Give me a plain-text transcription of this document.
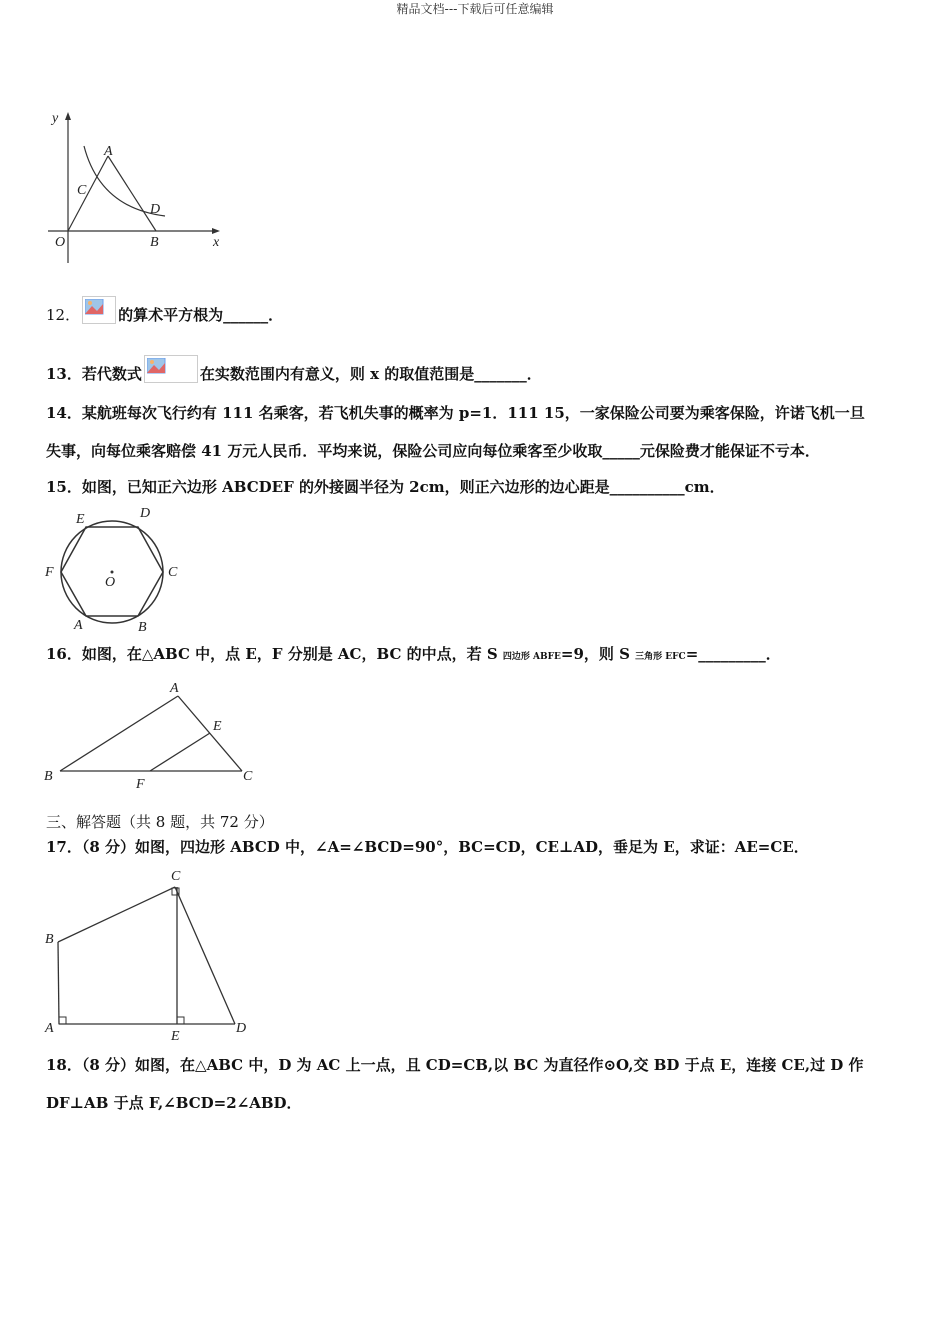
精品文档---下载后可任意编辑
y
x
O
A
B
C
D
12．	的算术平方根为______．
13．若代数式	在实数范围内有意义，则 x 的取值范围是_______．
14．某航班每次飞行约有 111 名乘客，若飞机失事的概率为 p=1．111 15，一家保险公司要为乘客保险，许诺飞机一旦
失事，向每位乘客赔偿 41 万元人民币．平均来说，保险公司应向每位乘客至少收取_____元保险费才能保证不亏本．
15．如图，已知正六边形 ABCDEF 的外接圆半径为 2cm，则正六边形的边心距是__________cm．
E	D
F	C
O
A	B
16．如图，在△ABC 中，点 E，F 分别是 AC，BC 的中点，若 S 四边形 ABFE=9，则 S 三角形 EFC=_________．
A
B	C
E
F
三、解答题（共 8 题，共 72 分）
17．（8 分）如图，四边形 ABCD 中，∠A=∠BCD=90°，BC=CD，CE⊥AD，垂足为 E，求证：AE=CE．
C
B
A
E
D
18．（8 分）如图，在△ABC 中，D 为 AC 上一点，且 CD=CB,以 BC 为直径作⊙O,交 BD 于点 E，连接 CE,过 D 作
DF⊥AB 于点 F,∠BCD=2∠ABD．
